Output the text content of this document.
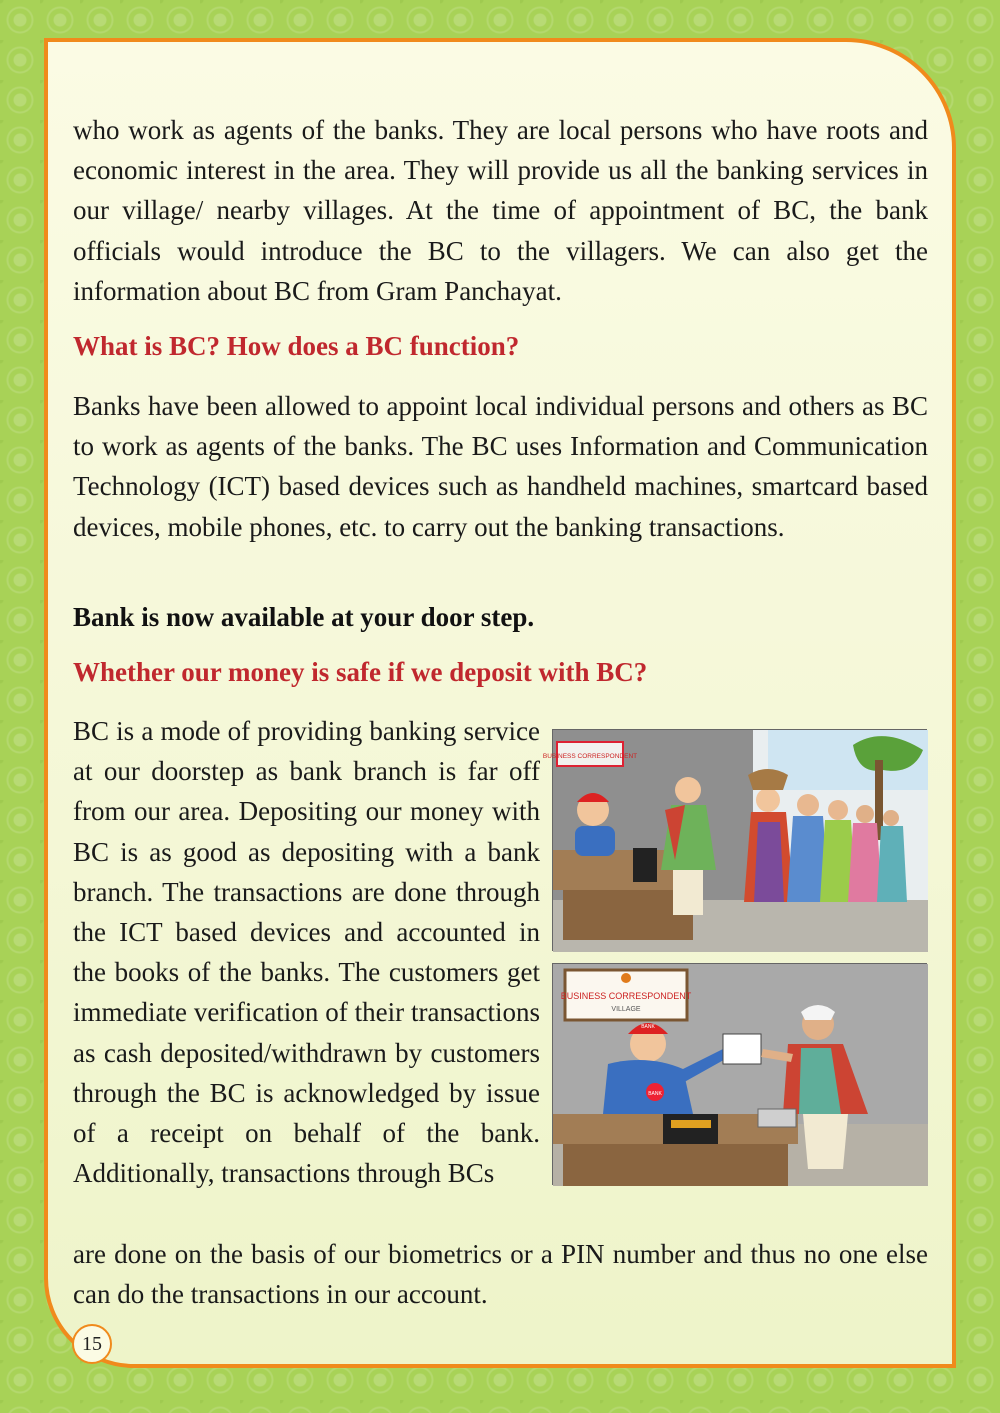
who work as agents of the banks. They are local persons who have roots and economic interest in the area. They will provide us all the banking services in our village/ nearby villages. At the time of appointment of BC, the bank officials would introduce the BC to the villagers. We can also get the information about BC from Gram Panchayat.

What is BC? How does a BC function?

Banks have been allowed to appoint local individual persons and others as BC to work as agents of the banks. The BC uses Information and Communication Technology (ICT) based devices such as handheld machines, smartcard based devices, mobile phones, etc. to carry out the banking transactions.

Bank is now available at your door step.

Whether our money is safe if we deposit with BC?

BC is a mode of providing banking service at our doorstep as bank branch is far off from our area. Depositing our money with BC is as good as depositing with a bank branch. The transactions are done through the ICT based devices and accounted in the books of the banks. The customers get immediate verification of their transactions as cash deposited/withdrawn by customers through the BC is acknowledged by issue of a receipt on behalf of the bank. Additionally, transactions through BCs

are done on the basis of our biometrics or a PIN number and thus no one else can do the transactions in our account.

BUSINESS CORRESPONDENT
BUSINESS CORRESPONDENT
VILLAGE
BANK
BANK
15
